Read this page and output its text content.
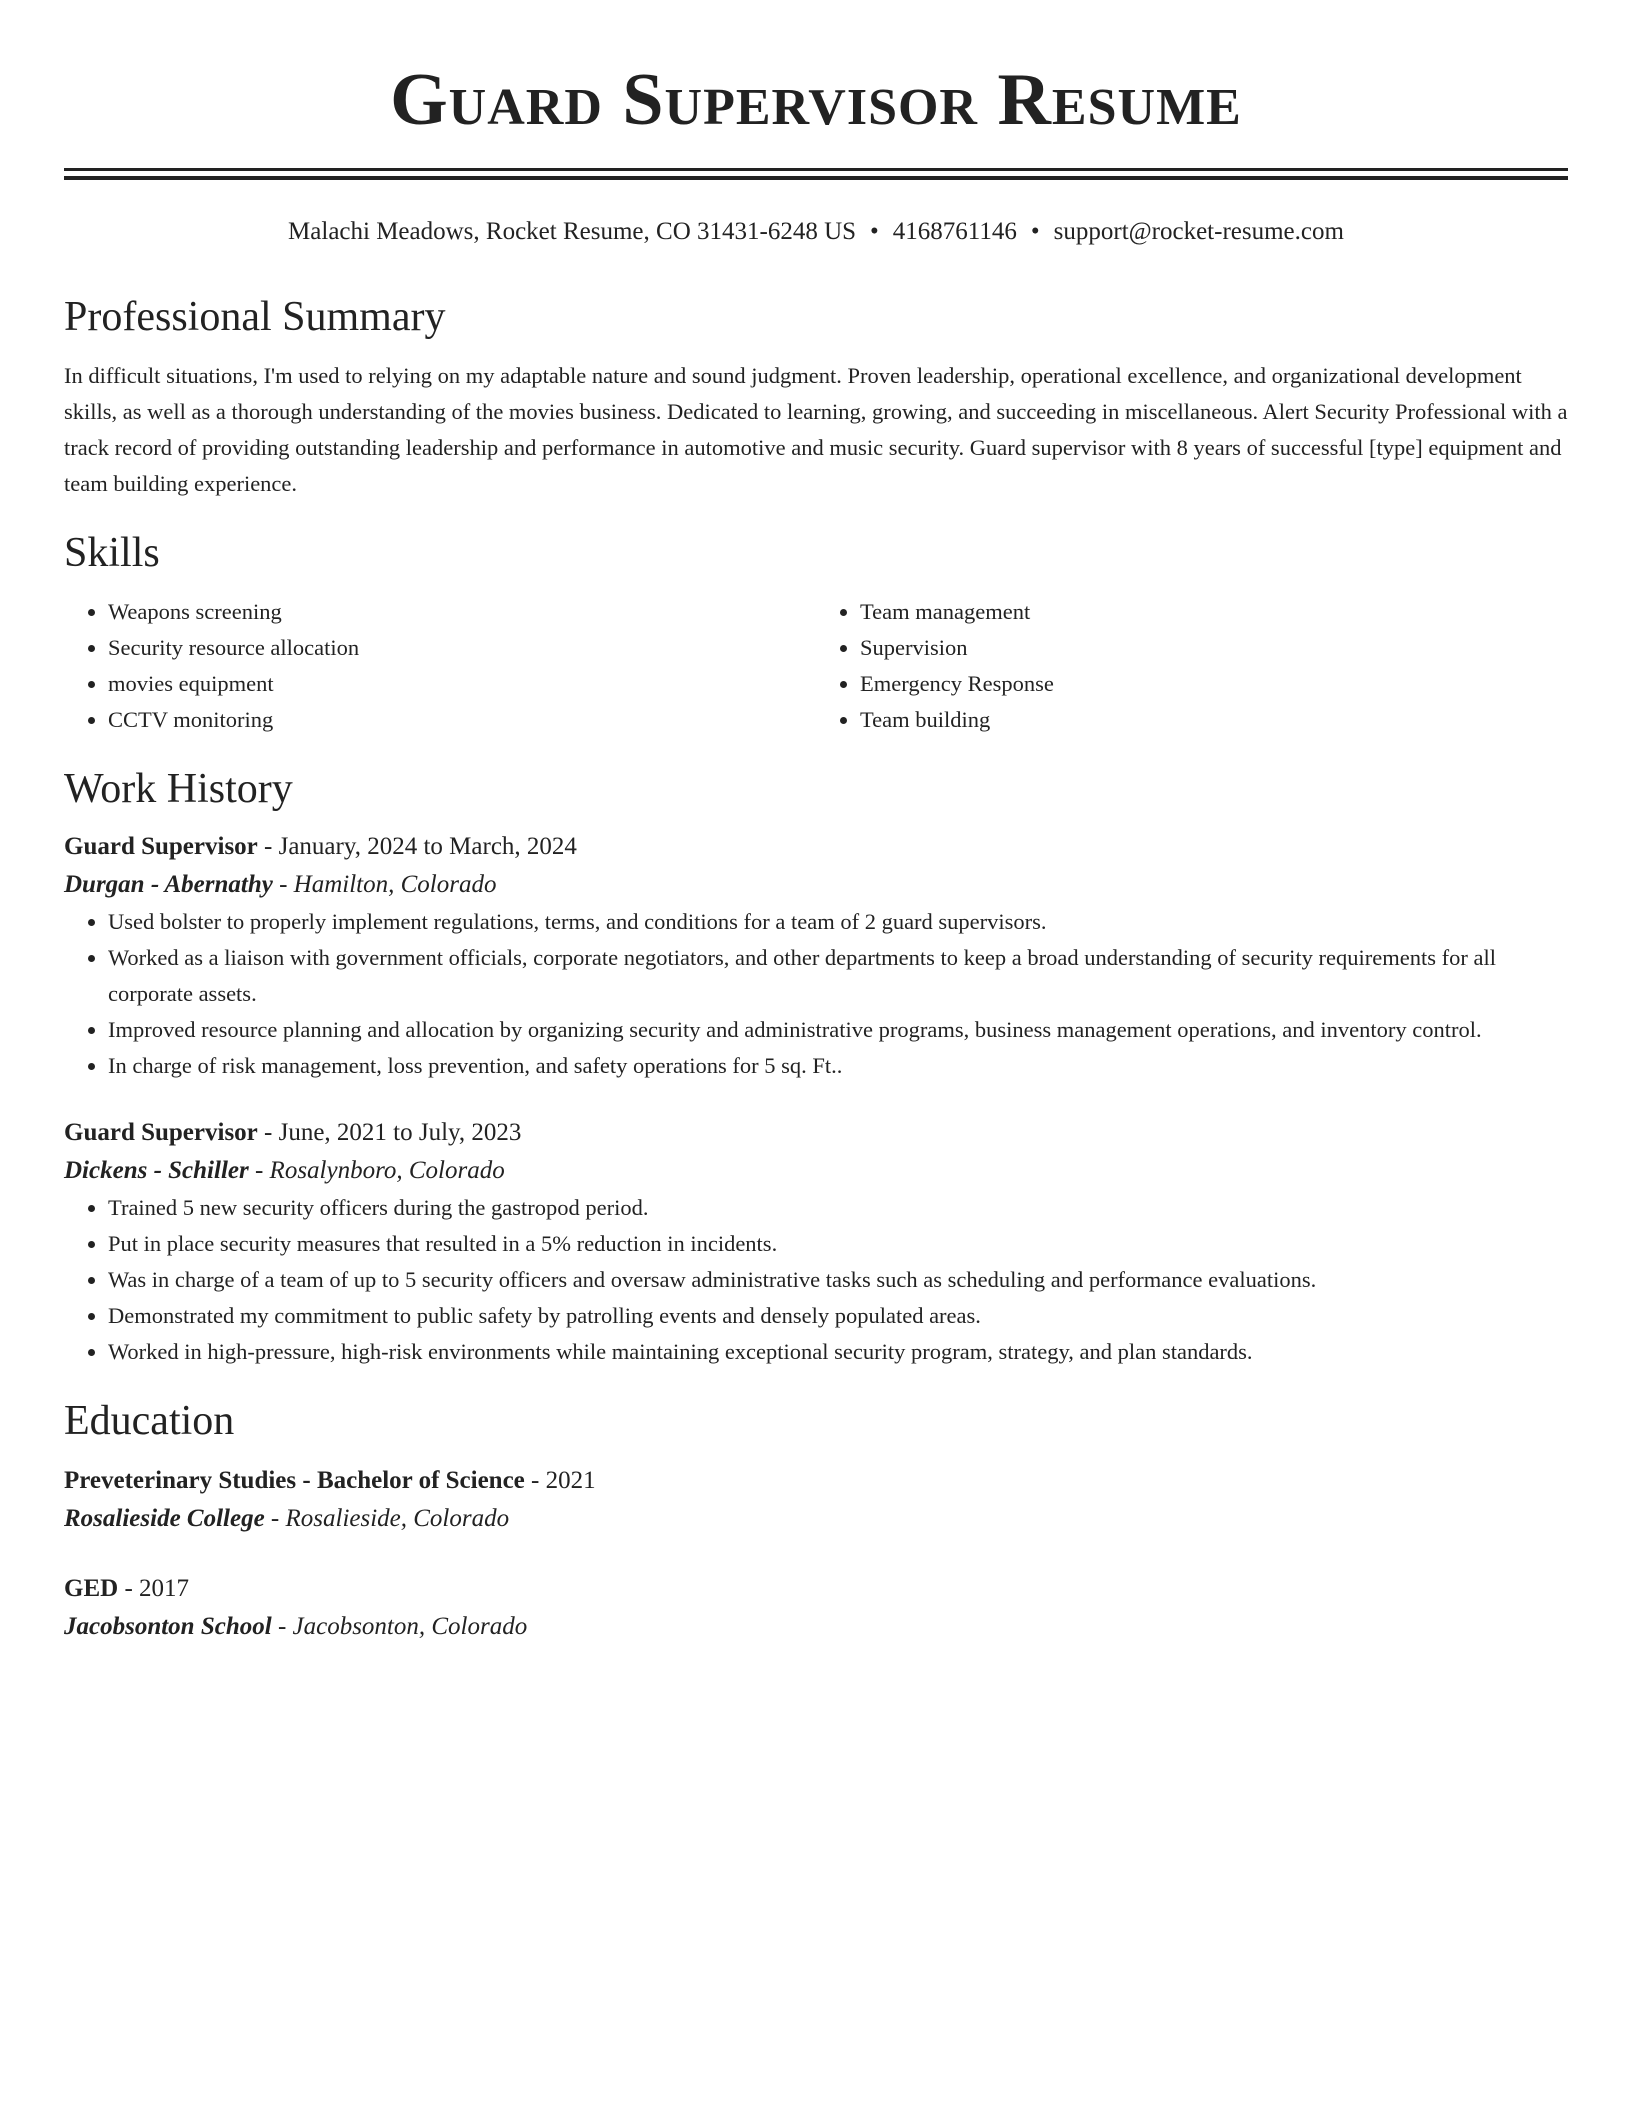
Guard Supervisor Resume
Malachi Meadows, Rocket Resume, CO 31431-6248 US • 4168761146 • support@rocket-resume.com
Professional Summary

In difficult situations, I'm used to relying on my adaptable nature and sound judgment. Proven leadership, operational excellence, and organizational development skills, as well as a thorough understanding of the movies business. Dedicated to learning, growing, and succeeding in miscellaneous. Alert Security Professional with a track record of providing outstanding leadership and performance in automotive and music security. Guard supervisor with 8 years of successful [type] equipment and team building experience.

Skills
• Weapons screening
• Security resource allocation
• movies equipment
• CCTV monitoring
• Team management
• Supervision
• Emergency Response
• Team building
Work History
Guard Supervisor - January, 2024 to March, 2024
Durgan - Abernathy - Hamilton, Colorado
• Used bolster to properly implement regulations, terms, and conditions for a team of 2 guard supervisors.
• Worked as a liaison with government officials, corporate negotiators, and other departments to keep a broad understanding of security requirements for all corporate assets.
• Improved resource planning and allocation by organizing security and administrative programs, business management operations, and inventory control.
• In charge of risk management, loss prevention, and safety operations for 5 sq. Ft..
Guard Supervisor - June, 2021 to July, 2023
Dickens - Schiller - Rosalynboro, Colorado
• Trained 5 new security officers during the gastropod period.
• Put in place security measures that resulted in a 5% reduction in incidents.
• Was in charge of a team of up to 5 security officers and oversaw administrative tasks such as scheduling and performance evaluations.
• Demonstrated my commitment to public safety by patrolling events and densely populated areas.
• Worked in high-pressure, high-risk environments while maintaining exceptional security program, strategy, and plan standards.
Education
Preveterinary Studies - Bachelor of Science - 2021
Rosalieside College - Rosalieside, Colorado
GED - 2017
Jacobsonton School - Jacobsonton, Colorado
